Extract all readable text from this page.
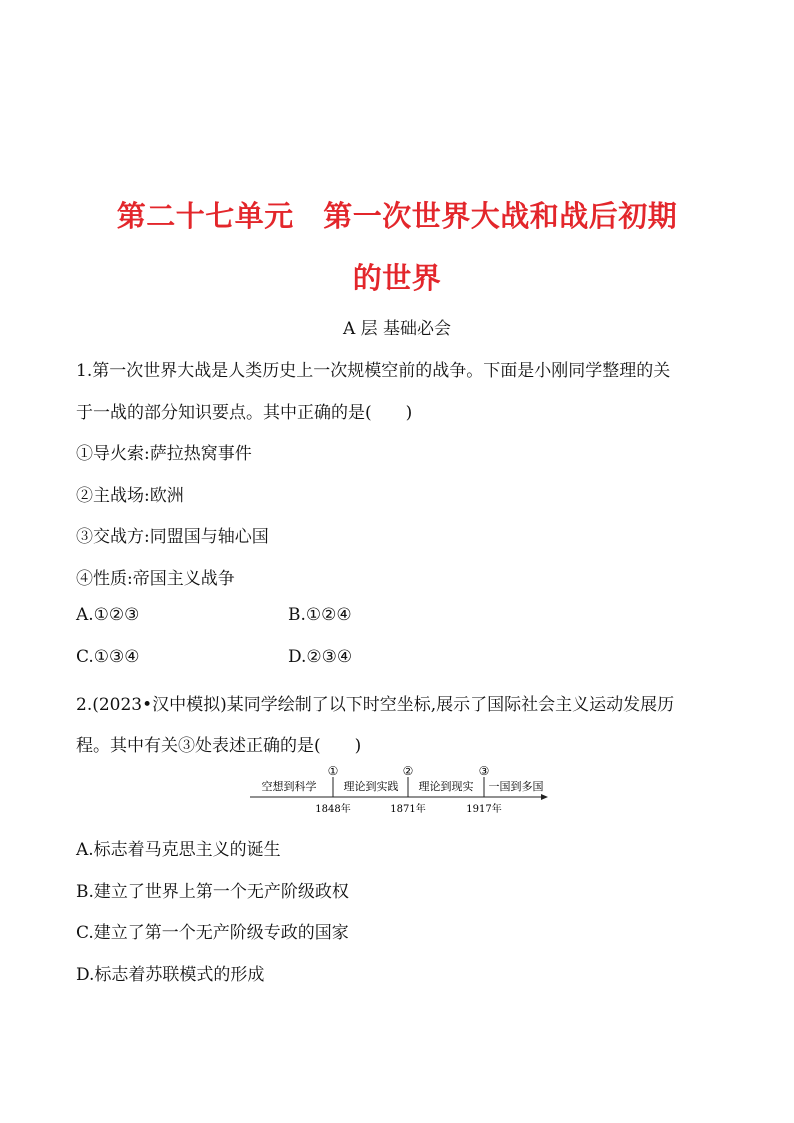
第二十七单元　第一次世界大战和战后初期
的世界
A 层 基础必会
1.第一次世界大战是人类历史上一次规模空前的战争。下面是小刚同学整理的关
于一战的部分知识要点。其中正确的是(　　)
①导火索:萨拉热窝事件
②主战场:欧洲
③交战方:同盟国与轴心国
④性质:帝国主义战争
A.①②③	B.①②④
C.①③④	D.②③④
2.(2023•汉中模拟)某同学绘制了以下时空坐标,展示了国际社会主义运动发展历
程。其中有关③处表述正确的是(　　)
①	②	③
空想到科学 理论到实践 理论到现实 一国到多国
1848年	1871年	1917年
A.标志着马克思主义的诞生
B.建立了世界上第一个无产阶级政权
C.建立了第一个无产阶级专政的国家
D.标志着苏联模式的形成
